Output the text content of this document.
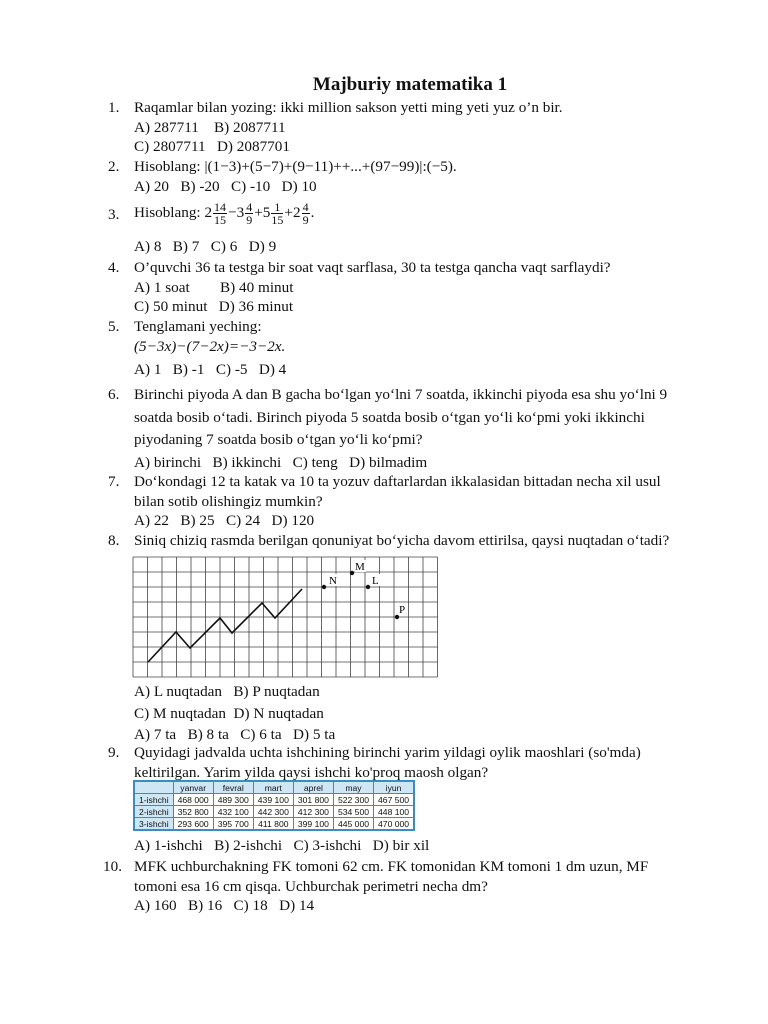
Majburiy matematika 1
1. Raqamlar bilan yozing: ikki million sakson yetti ming yeti yuz o’n bir.
A) 287711    B) 2087711
C) 2807711   D) 2087701
2. Hisoblang: |(1−3)+(5−7)+(9−11)++...+(97−99)|:(−5).
A) 20   B) -20   C) -10   D) 10
3. Hisoblang: $2 \frac{14}{15} -3 \frac{4}{9} +5 \frac{1}{15} +2 \frac{4}{9}$ .
A) 8   B) 7   C) 6   D) 9
4. O’quvchi 36 ta testga bir soat vaqt sarflasa, 30 ta testga qancha vaqt sarflaydi?
A) 1 soat        B) 40 minut
C) 50 minut   D) 36 minut
5. Tenglamani yeching:
(5−3x)−(7−2x)=−3−2x.
A) 1   B) -1   C) -5   D) 4
6. Birinchi piyoda A dan B gacha bo‘lgan yo‘lni 7 soatda, ikkinchi piyoda esa shu yo‘lni 9
soatda bosib o‘tadi. Birinch piyoda 5 soatda bosib o‘tgan yo‘li ko‘pmi yoki ikkinchi
piyodaning 7 soatda bosib o‘tgan yo‘li ko‘pmi?
A) birinchi   B) ikkinchi   C) teng   D) bilmadim
7. Do‘kondagi 12 ta katak va 10 ta yozuv daftarlardan ikkalasidan bittadan necha xil usul
bilan sotib olishingiz mumkin?
A) 22   B) 25   C) 24   D) 120
8. Siniq chiziq rasmda berilgan qonuniyat bo‘yicha davom ettirilsa, qaysi nuqtadan o‘tadi?
N
M
L
P
A) L nuqtadan   B) P nuqtadan
C) M nuqtadan  D) N nuqtadan
A) 7 ta   B) 8 ta   C) 6 ta   D) 5 ta
9. Quyidagi jadvalda uchta ishchining birinchi yarim yildagi oylik maoshlari (so'mda)
keltirilgan. Yarim yilda qaysi ishchi ko'proq maosh olgan?
	yanvar	fevral	mart	aprel	may	iyun
1-ishchi	468 000	489 300	439 100	301 800	522 300	467 500
2-ishchi	352 800	432 100	442 300	412 300	534 500	448 100
3-ishchi	293 600	395 700	411 800	399 100	445 000	470 000
A) 1-ishchi   B) 2-ishchi   C) 3-ishchi   D) bir xil
10. MFK uchburchakning FK tomoni 62 cm. FK tomonidan KM tomoni 1 dm uzun, MF
tomoni esa 16 cm qisqa. Uchburchak perimetri necha dm?
A) 160   B) 16   C) 18   D) 14
